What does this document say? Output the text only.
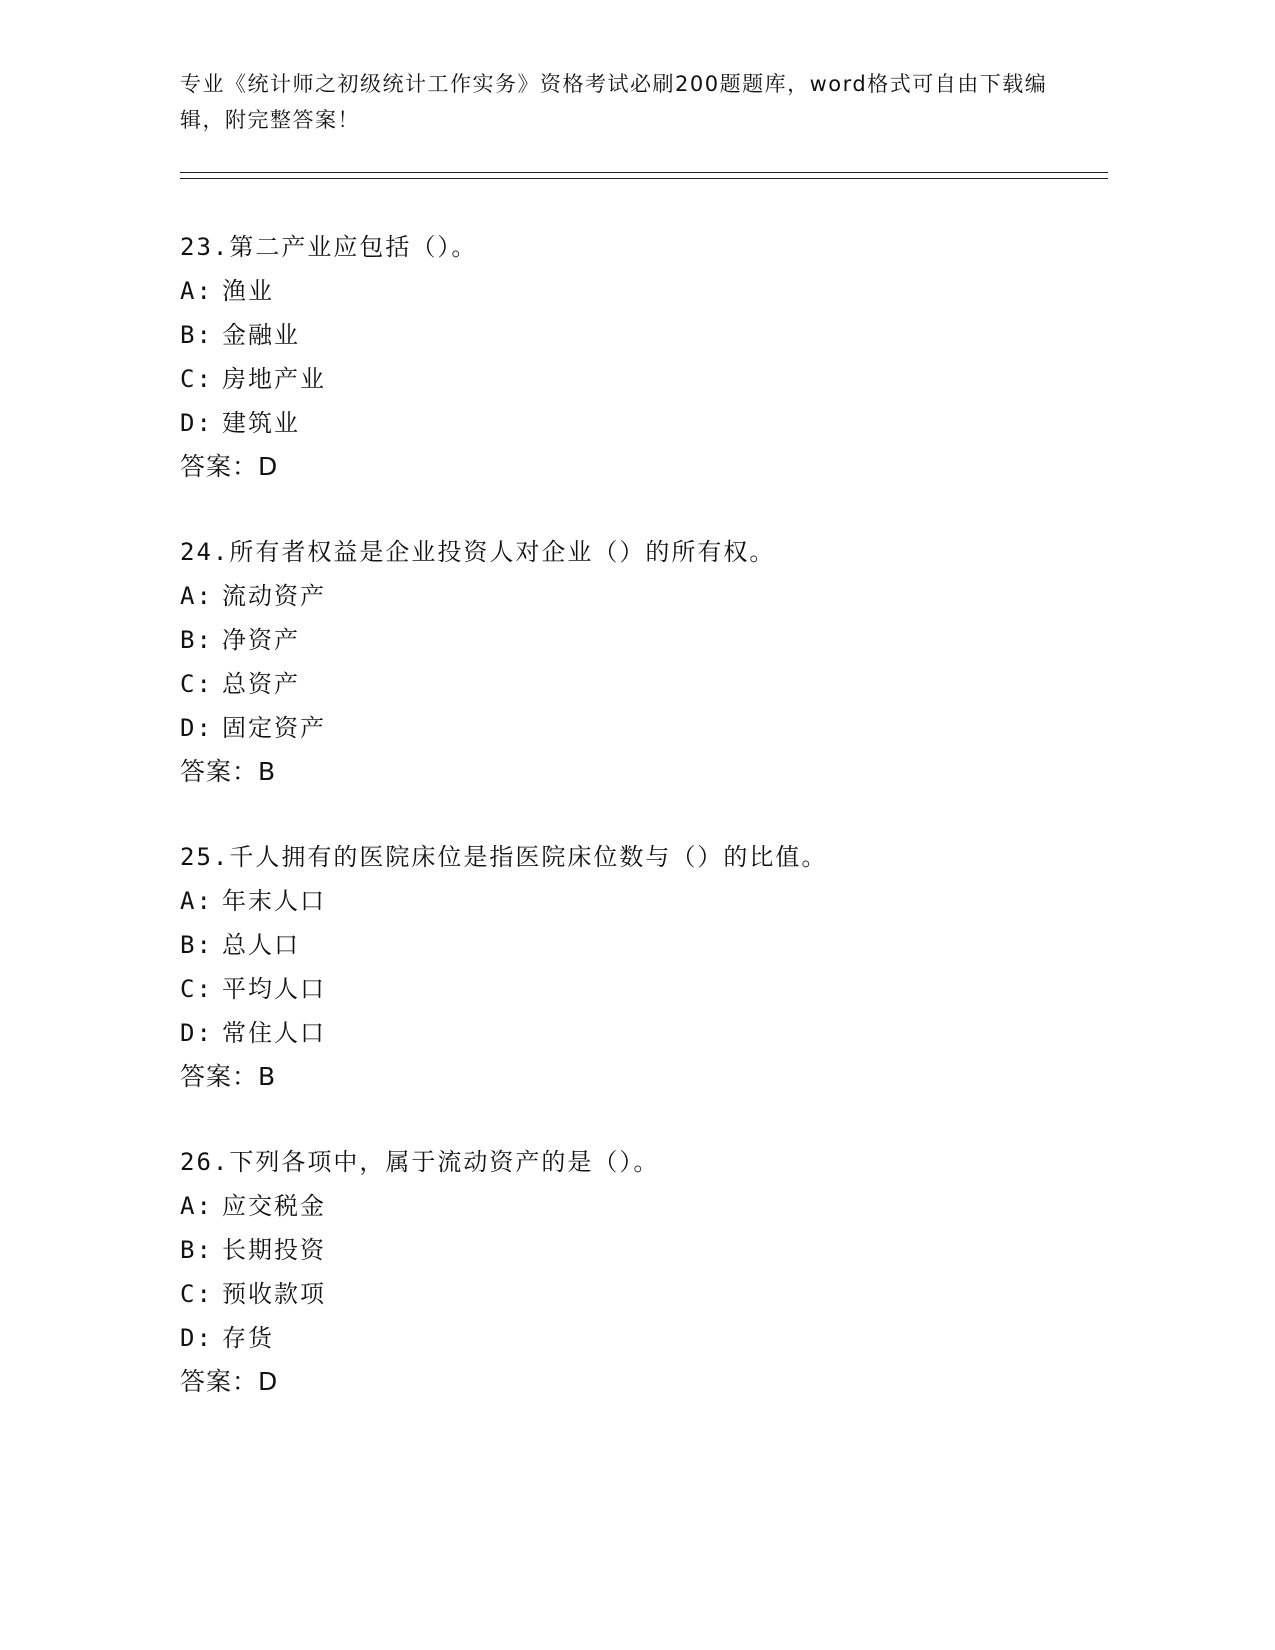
专业《统计师之初级统计工作实务》资格考试必刷200题题库，word格式可自由下载编辑，附完整答案！
23.第二产业应包括（）。
A: 渔业
B: 金融业
C: 房地产业
D: 建筑业
答案：D
24.所有者权益是企业投资人对企业（）的所有权。
A: 流动资产
B: 净资产
C: 总资产
D: 固定资产
答案：B
25.千人拥有的医院床位是指医院床位数与（）的比值。
A: 年末人口
B: 总人口
C: 平均人口
D: 常住人口
答案：B
26.下列各项中，属于流动资产的是（）。
A: 应交税金
B: 长期投资
C: 预收款项
D: 存货
答案：D
